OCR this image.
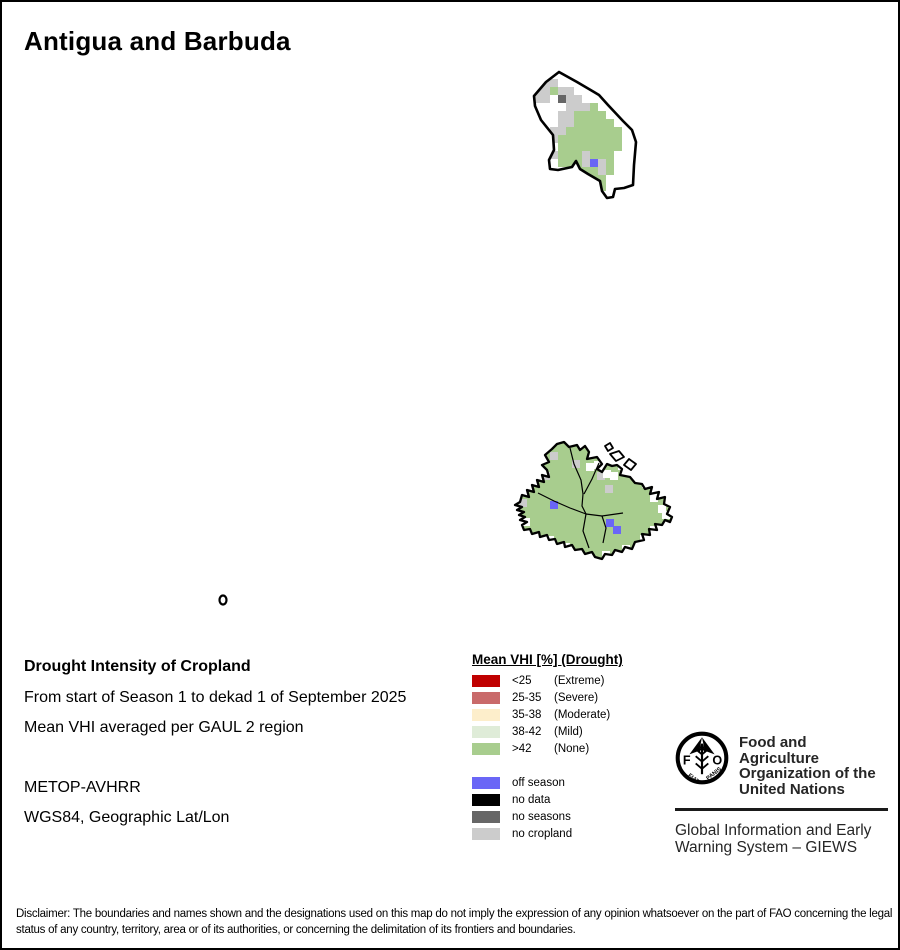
Antigua and Barbuda
Drought Intensity of Cropland
From start of Season 1 to dekad 1 of September 2025
Mean VHI averaged per GAUL 2 region
METOP-AVHRR
WGS84, Geographic Lat/Lon
Mean VHI [%] (Drought)
<25	(Extreme)
25-35	(Severe)
35-38	(Moderate)
38-42	(Mild)
>42	(None)
off season
no data
no seasons
no cropland
A
F O
FIAT PANIS
Food and Agriculture
Organization of the
United Nations
Global Information and Early
Warning System – GIEWS
Disclaimer: The boundaries and names shown and the designations used on this map do not imply the expression of any opinion whatsoever on the part of FAO concerning the legal status of any country, territory, area or of its authorities, or concerning the delimitation of its frontiers and boundaries.
